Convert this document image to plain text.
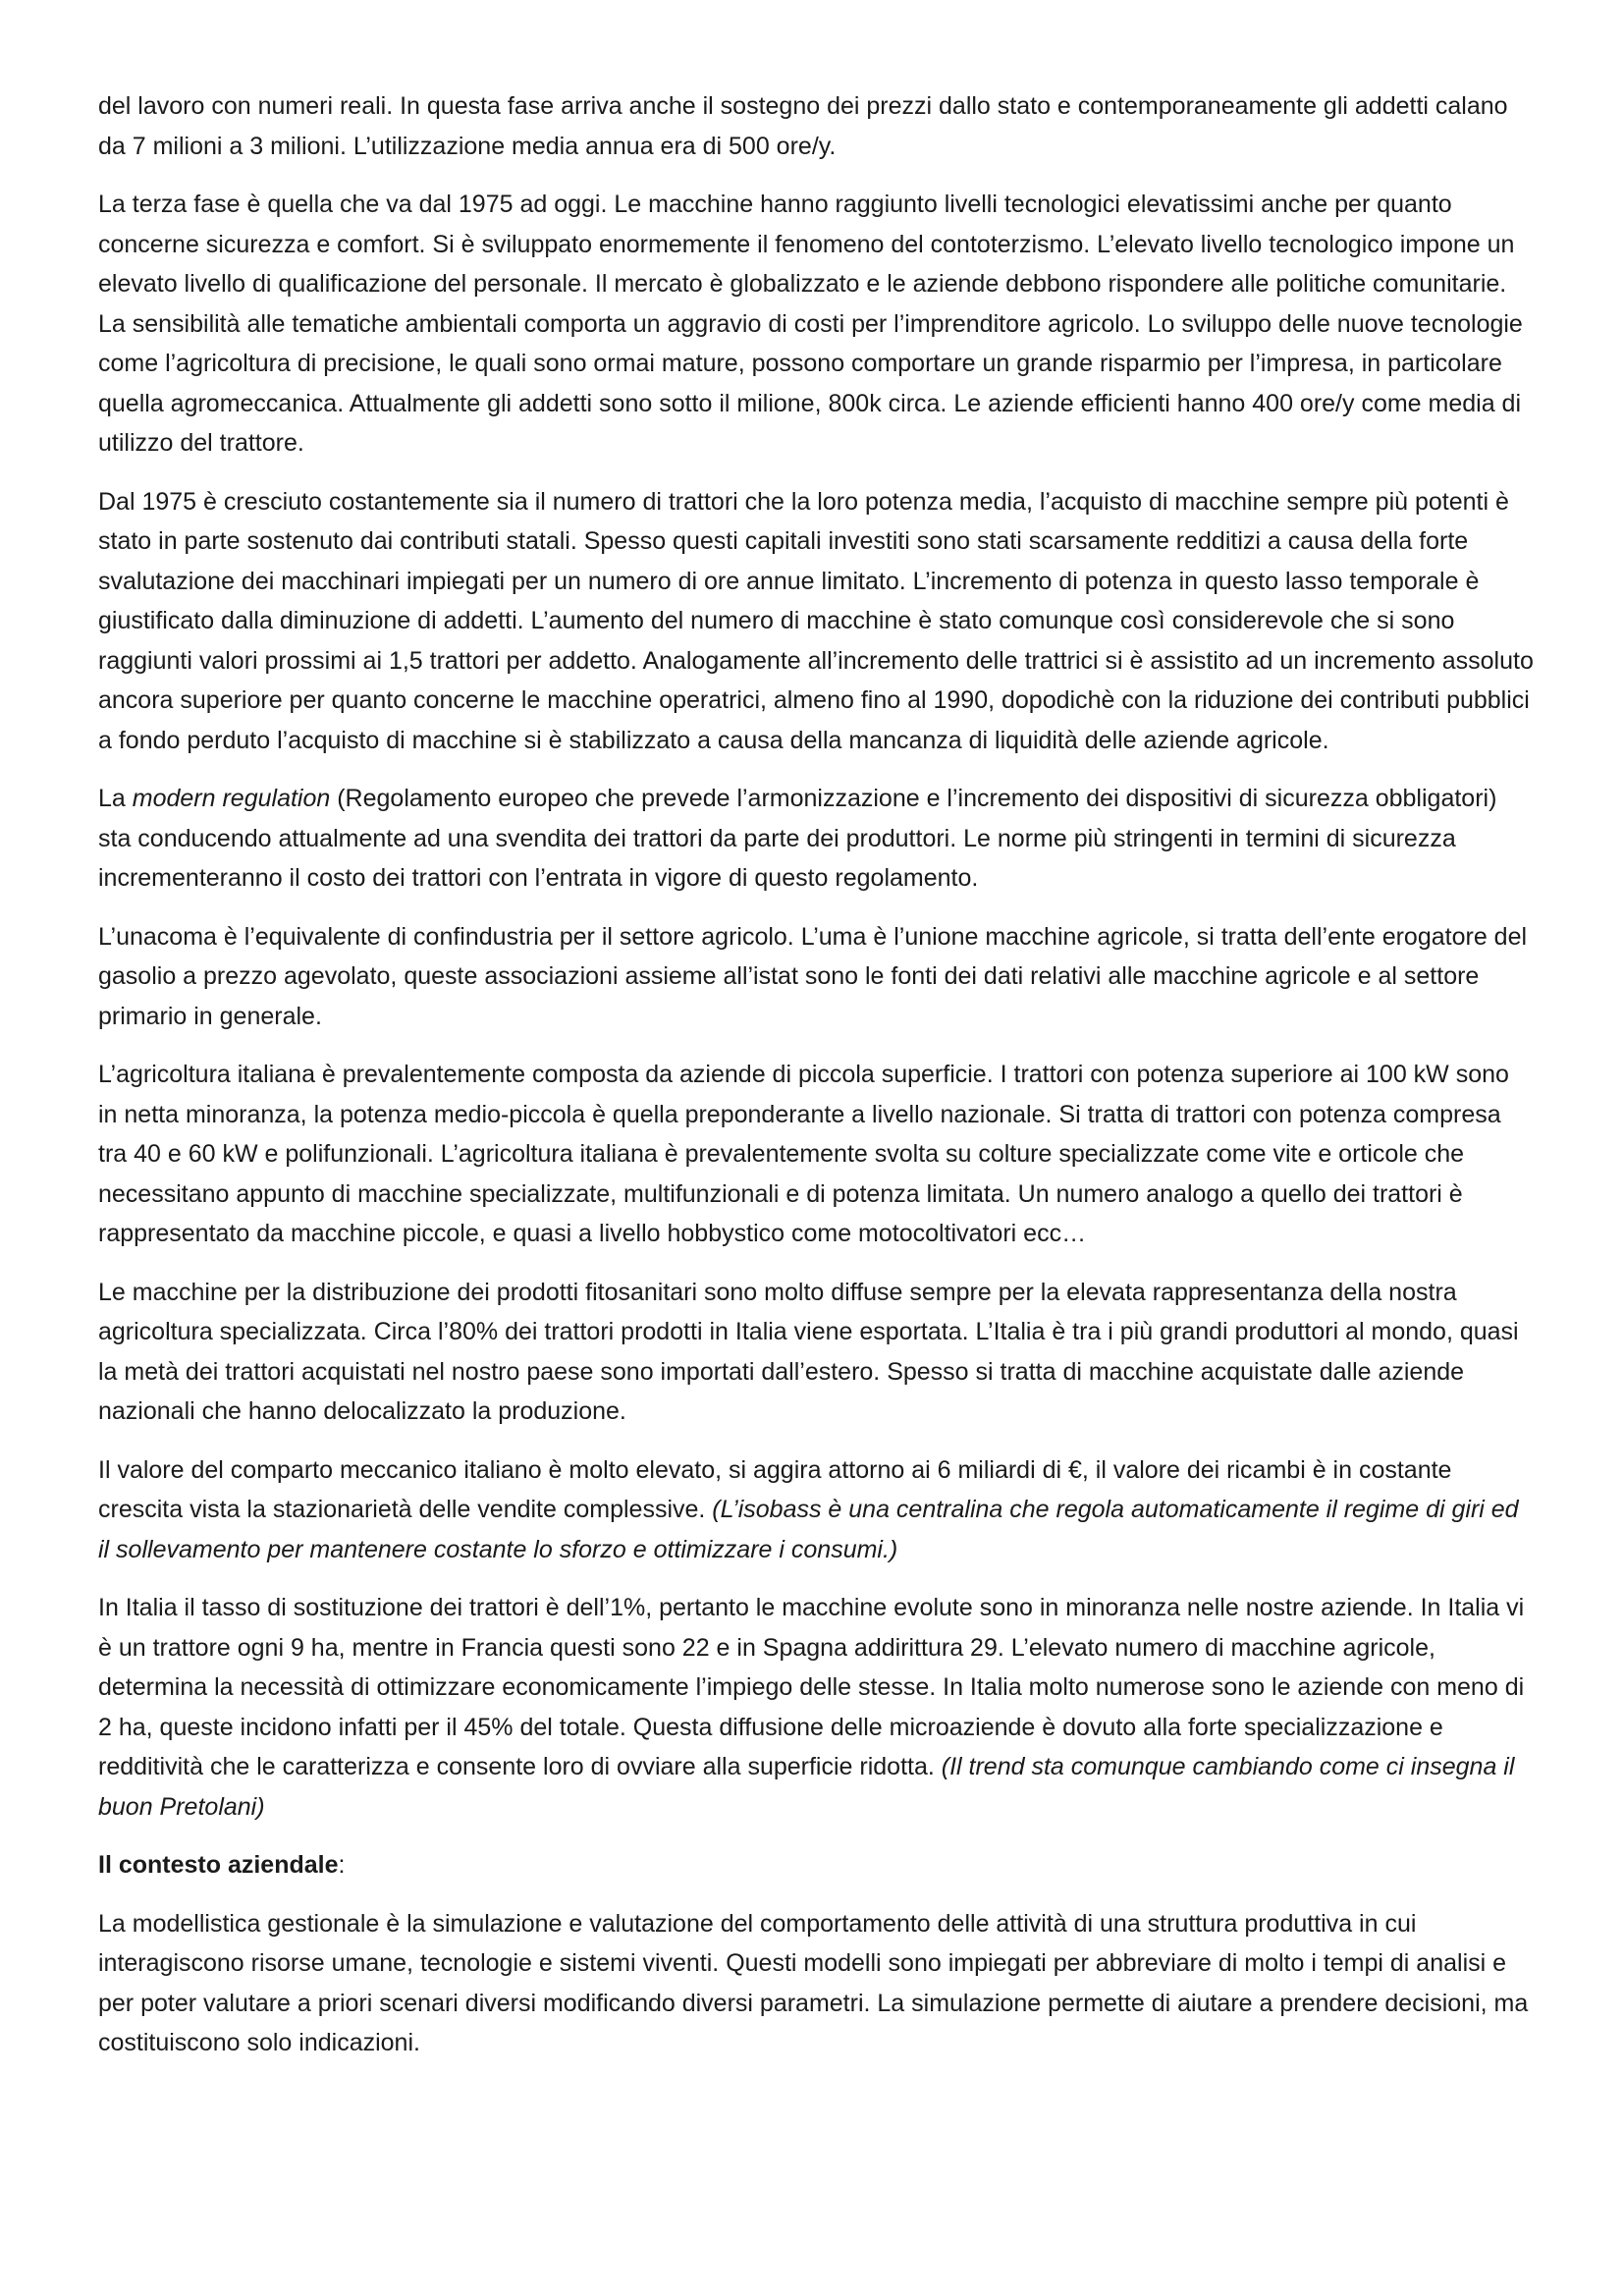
del lavoro con numeri reali. In questa fase arriva anche il sostegno dei prezzi dallo stato e contemporaneamente gli addetti calano da 7 milioni a 3 milioni. L’utilizzazione media annua era di 500 ore/y.

La terza fase è quella che va dal 1975 ad oggi. Le macchine hanno raggiunto livelli tecnologici elevatissimi anche per quanto concerne sicurezza e comfort. Si è sviluppato enormemente il fenomeno del contoterzismo. L’elevato livello tecnologico impone un elevato livello di qualificazione del personale. Il mercato è globalizzato e le aziende debbono rispondere alle politiche comunitarie. La sensibilità alle tematiche ambientali comporta un aggravio di costi per l’imprenditore agricolo. Lo sviluppo delle nuove tecnologie come l’agricoltura di precisione, le quali sono ormai mature, possono comportare un grande risparmio per l’impresa, in particolare quella agromeccanica. Attualmente gli addetti sono sotto il milione, 800k circa. Le aziende efficienti hanno 400 ore/y come media di utilizzo del trattore.

Dal 1975 è cresciuto costantemente sia il numero di trattori che la loro potenza media, l’acquisto di macchine sempre più potenti è stato in parte sostenuto dai contributi statali. Spesso questi capitali investiti sono stati scarsamente redditizi a causa della forte svalutazione dei macchinari impiegati per un numero di ore annue limitato. L’incremento di potenza in questo lasso temporale è giustificato dalla diminuzione di addetti. L’aumento del numero di macchine è stato comunque così considerevole che si sono raggiunti valori prossimi ai 1,5 trattori per addetto. Analogamente all’incremento delle trattrici si è assistito ad un incremento assoluto ancora superiore per quanto concerne le macchine operatrici, almeno fino al 1990, dopodichè con la riduzione dei contributi pubblici a fondo perduto l’acquisto di macchine si è stabilizzato a causa della mancanza di liquidità delle aziende agricole.

La modern regulation (Regolamento europeo che prevede l’armonizzazione e l’incremento dei dispositivi di sicurezza obbligatori) sta conducendo attualmente ad una svendita dei trattori da parte dei produttori. Le norme più stringenti in termini di sicurezza incrementeranno il costo dei trattori con l’entrata in vigore di questo regolamento.

L’unacoma è l’equivalente di confindustria per il settore agricolo. L’uma è l’unione macchine agricole, si tratta dell’ente erogatore del gasolio a prezzo agevolato, queste associazioni assieme all’istat sono le fonti dei dati relativi alle macchine agricole e al settore primario in generale.

L’agricoltura italiana è prevalentemente composta da aziende di piccola superficie. I trattori con potenza superiore ai 100 kW sono in netta minoranza, la potenza medio-piccola è quella preponderante a livello nazionale. Si tratta di trattori con potenza compresa tra 40 e 60 kW e polifunzionali. L’agricoltura italiana è prevalentemente svolta su colture specializzate come vite e orticole che necessitano appunto di macchine specializzate, multifunzionali e di potenza limitata. Un numero analogo a quello dei trattori è rappresentato da macchine piccole, e quasi a livello hobbystico come motocoltivatori ecc…

Le macchine per la distribuzione dei prodotti fitosanitari sono molto diffuse sempre per la elevata rappresentanza della nostra agricoltura specializzata. Circa l’80% dei trattori prodotti in Italia viene esportata. L’Italia è tra i più grandi produttori al mondo, quasi la metà dei trattori acquistati nel nostro paese sono importati dall’estero. Spesso si tratta di macchine acquistate dalle aziende nazionali che hanno delocalizzato la produzione.

Il valore del comparto meccanico italiano è molto elevato, si aggira attorno ai 6 miliardi di €, il valore dei ricambi è in costante crescita vista la stazionarietà delle vendite complessive. (L’isobass è una centralina che regola automaticamente il regime di giri ed il sollevamento per mantenere costante lo sforzo e ottimizzare i consumi.)

In Italia il tasso di sostituzione dei trattori è dell’1%, pertanto le macchine evolute sono in minoranza nelle nostre aziende. In Italia vi è un trattore ogni 9 ha, mentre in Francia questi sono 22 e in Spagna addirittura 29. L’elevato numero di macchine agricole, determina la necessità di ottimizzare economicamente l’impiego delle stesse. In Italia molto numerose sono le aziende con meno di 2 ha, queste incidono infatti per il 45% del totale. Questa diffusione delle microaziende è dovuto alla forte specializzazione e redditività che le caratterizza e consente loro di ovviare alla superficie ridotta. (Il trend sta comunque cambiando come ci insegna il buon Pretolani)

Il contesto aziendale:

La modellistica gestionale è la simulazione e valutazione del comportamento delle attività di una struttura produttiva in cui interagiscono risorse umane, tecnologie e sistemi viventi. Questi modelli sono impiegati per abbreviare di molto i tempi di analisi e per poter valutare a priori scenari diversi modificando diversi parametri. La simulazione permette di aiutare a prendere decisioni, ma costituiscono solo indicazioni.
